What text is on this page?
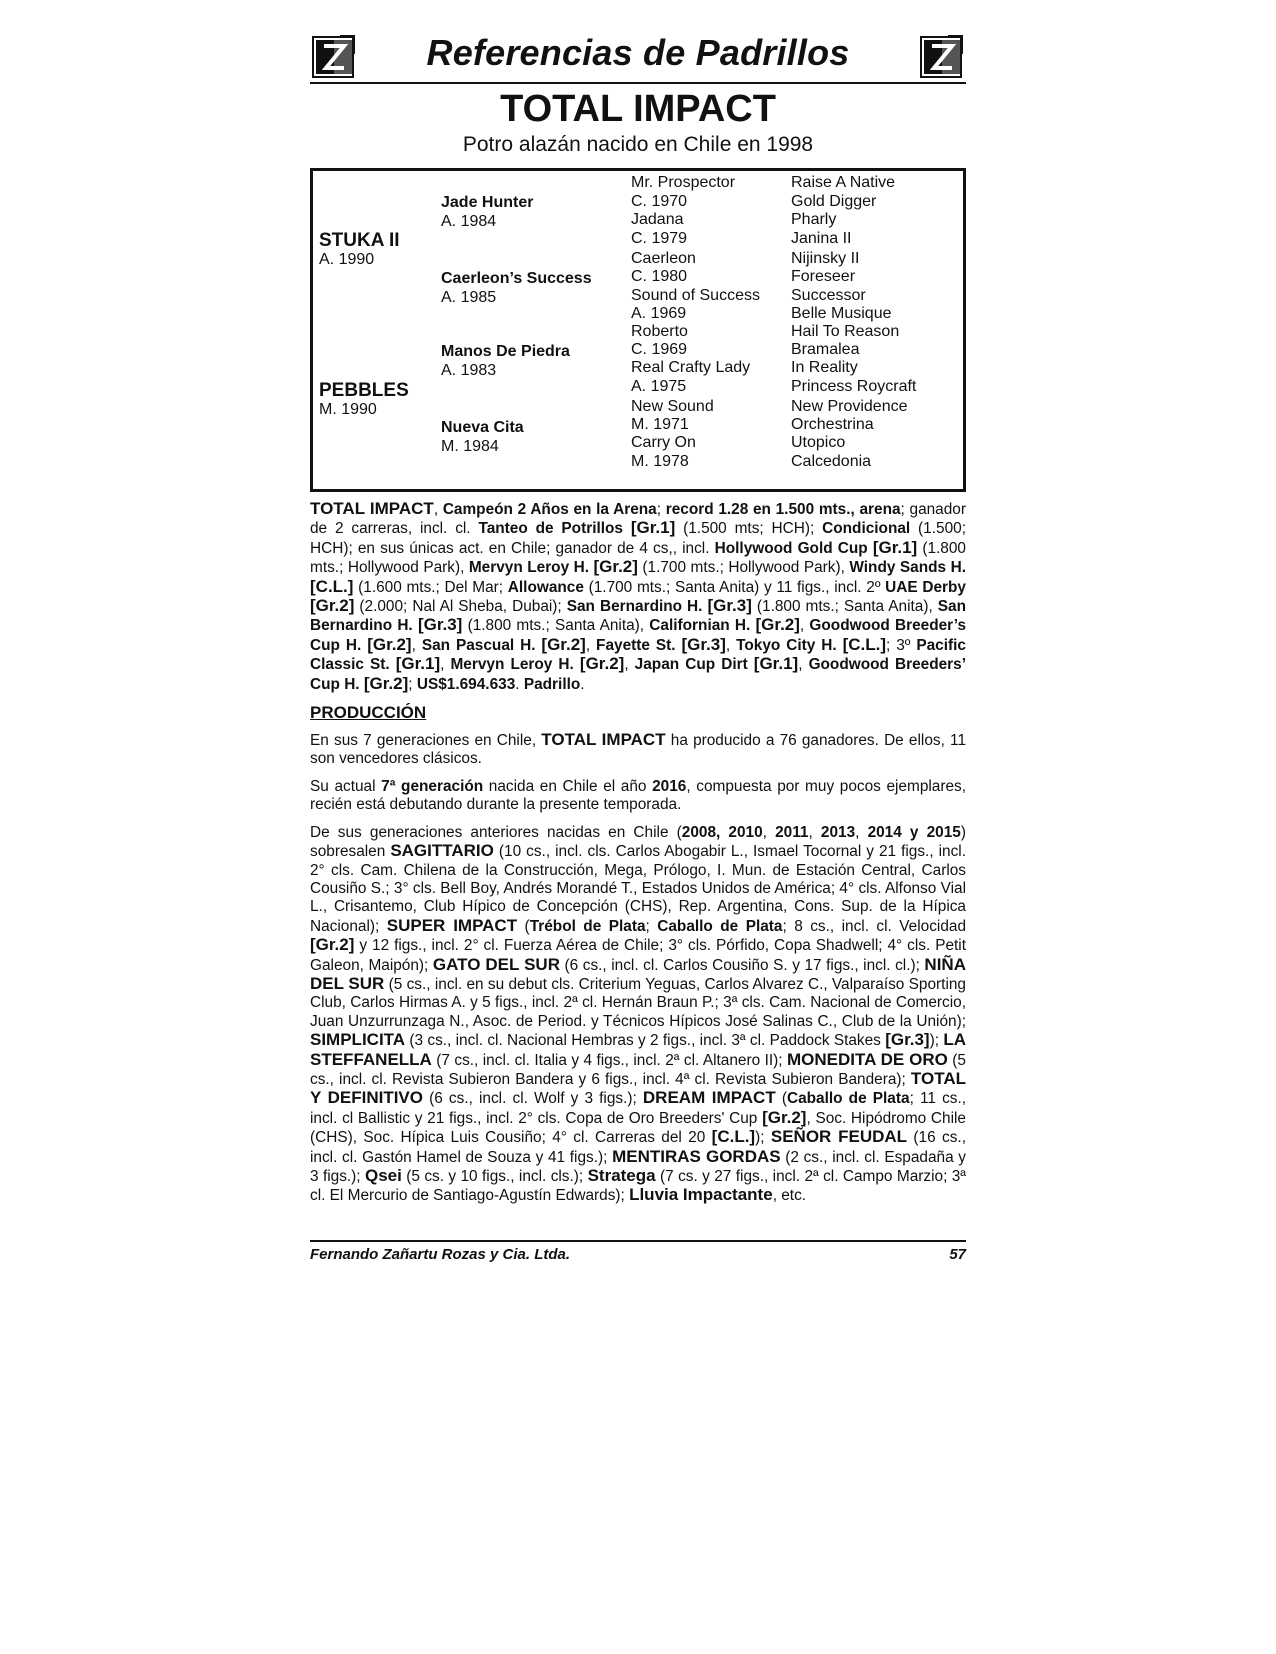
Referencias de Padrillos
TOTAL IMPACT
Potro alazán nacido en Chile en 1998
STUKA II
A. 1990
PEBBLES
M. 1990
Jade Hunter
A. 1984
Caerleon’s Success
A. 1985
Manos De Piedra
A. 1983
Nueva Cita
M. 1984
Mr. Prospector
C. 1970
Jadana
C. 1979
Caerleon
C. 1980
Sound of Success
A. 1969
Roberto
C. 1969
Real Crafty Lady
A. 1975
New Sound
M. 1971
Carry On
M. 1978
Raise A Native
Gold Digger
Pharly
Janina II
Nijinsky II
Foreseer
Successor
Belle Musique
Hail To Reason
Bramalea
In Reality
Princess Roycraft
New Providence
Orchestrina
Utopico
Calcedonia

TOTAL IMPACT, Campeón 2 Años en la Arena; record 1.28 en 1.500 mts., arena; ganador de 2 carreras, incl. cl. Tanteo de Potrillos [Gr.1] (1.500 mts; HCH); Condicional (1.500; HCH); en sus únicas act. en Chile; ganador de 4 cs,, incl. Hollywood Gold Cup [Gr.1] (1.800 mts.; Hollywood Park), Mervyn Leroy H. [Gr.2] (1.700 mts.; Hollywood Park), Windy Sands H. [C.L.] (1.600 mts.; Del Mar; Allowance (1.700 mts.; Santa Anita) y 11 figs., incl. 2º UAE Derby [Gr.2] (2.000; Nal Al Sheba, Dubai); San Bernardino H. [Gr.3] (1.800 mts.; Santa Anita), San Bernardino H. [Gr.3] (1.800 mts.; Santa Anita), Californian H. [Gr.2], Goodwood Breeder’s Cup H. [Gr.2], San Pascual H. [Gr.2], Fayette St. [Gr.3], Tokyo City H. [C.L.]; 3º Pacific Classic St. [Gr.1], Mervyn Leroy H. [Gr.2], Japan Cup Dirt [Gr.1], Goodwood Breeders’ Cup H. [Gr.2]; US$1.694.633. Padrillo.

PRODUCCIÓN

En sus 7 generaciones en Chile, TOTAL IMPACT ha producido a 76 ganadores. De ellos, 11 son vencedores clásicos.

Su actual 7ª generación nacida en Chile el año 2016, compuesta por muy pocos ejemplares, recién está debutando durante la presente temporada.

De sus generaciones anteriores nacidas en Chile (2008, 2010, 2011, 2013, 2014 y 2015) sobresalen SAGITTARIO (10 cs., incl. cls. Carlos Abogabir L., Ismael Tocornal y 21 figs., incl. 2° cls. Cam. Chilena de la Construcción, Mega, Prólogo, I. Mun. de Estación Central, Carlos Cousiño S.; 3° cls. Bell Boy, Andrés Morandé T., Estados Unidos de América; 4° cls. Alfonso Vial L., Crisantemo, Club Hípico de Concepción (CHS), Rep. Argentina, Cons. Sup. de la Hípica Nacional); SUPER IMPACT (Trébol de Plata; Caballo de Plata; 8 cs., incl. cl. Velocidad [Gr.2] y 12 figs., incl. 2° cl. Fuerza Aérea de Chile; 3° cls. Pórfido, Copa Shadwell; 4° cls. Petit Galeon, Maipón); GATO DEL SUR (6 cs., incl. cl. Carlos Cousiño S. y 17 figs., incl. cl.); NIÑA DEL SUR (5 cs., incl. en su debut cls. Criterium Yeguas, Carlos Alvarez C., Valparaíso Sporting Club, Carlos Hirmas A. y 5 figs., incl. 2ª cl. Hernán Braun P.; 3ª cls. Cam. Nacional de Comercio, Juan Unzurrunzaga N., Asoc. de Period. y Técnicos Hípicos José Salinas C., Club de la Unión); SIMPLICITA (3 cs., incl. cl. Nacional Hembras y 2 figs., incl. 3ª cl. Paddock Stakes [Gr.3]); LA STEFFANELLA (7 cs., incl. cl. Italia y 4 figs., incl. 2ª cl. Altanero II); MONEDITA DE ORO (5 cs., incl. cl. Revista Subieron Bandera y 6 figs., incl. 4ª cl. Revista Subieron Bandera); TOTAL Y DEFINITIVO (6 cs., incl. cl. Wolf y 3 figs.); DREAM IMPACT (Caballo de Plata; 11 cs., incl. cl Ballistic y 21 figs., incl. 2° cls. Copa de Oro Breeders' Cup [Gr.2], Soc. Hipódromo Chile (CHS), Soc. Hípica Luis Cousiño; 4° cl. Carreras del 20 [C.L.]); SEÑOR FEUDAL (16 cs., incl. cl. Gastón Hamel de Souza y 41 figs.); MENTIRAS GORDAS (2 cs., incl. cl. Espadaña y 3 figs.); Qsei (5 cs. y 10 figs., incl. cls.); Stratega (7 cs. y 27 figs., incl. 2ª cl. Campo Marzio; 3ª cl. El Mercurio de Santiago-Agustín Edwards); Lluvia Impactante, etc.

Fernando Zañartu Rozas y Cia. Ltda.	57
